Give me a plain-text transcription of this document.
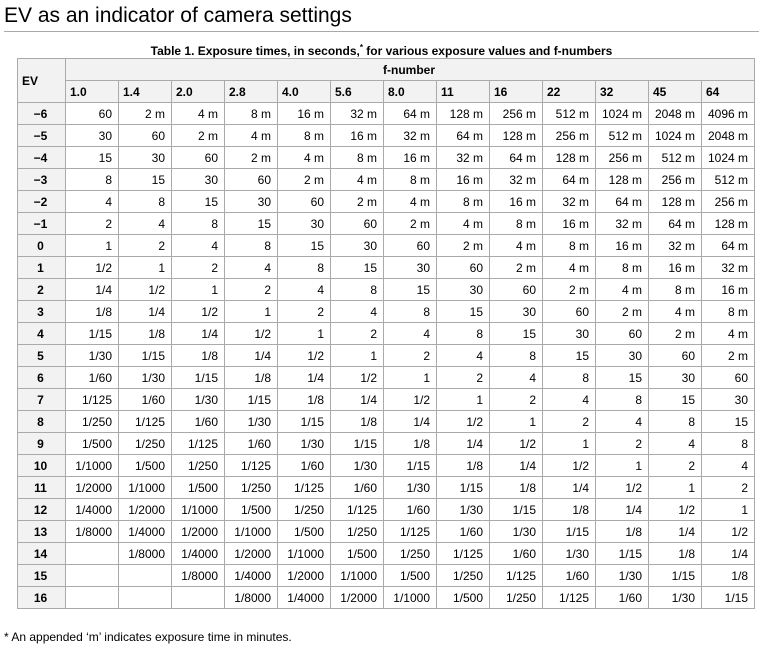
EV as an indicator of camera settings
Table 1. Exposure times, in seconds,* for various exposure values and f-numbers
EV	f-number												
	1.0	1.4	2.0	2.8	4.0	5.6	8.0	11	16	22	32	45	64
−6	60	2 m	4 m	8 m	16 m	32 m	64 m	128 m	256 m	512 m	1024 m	2048 m	4096 m
−5	30	60	2 m	4 m	8 m	16 m	32 m	64 m	128 m	256 m	512 m	1024 m	2048 m
−4	15	30	60	2 m	4 m	8 m	16 m	32 m	64 m	128 m	256 m	512 m	1024 m
−3	8	15	30	60	2 m	4 m	8 m	16 m	32 m	64 m	128 m	256 m	512 m
−2	4	8	15	30	60	2 m	4 m	8 m	16 m	32 m	64 m	128 m	256 m
−1	2	4	8	15	30	60	2 m	4 m	8 m	16 m	32 m	64 m	128 m
0	1	2	4	8	15	30	60	2 m	4 m	8 m	16 m	32 m	64 m
1	1/2	1	2	4	8	15	30	60	2 m	4 m	8 m	16 m	32 m
2	1/4	1/2	1	2	4	8	15	30	60	2 m	4 m	8 m	16 m
3	1/8	1/4	1/2	1	2	4	8	15	30	60	2 m	4 m	8 m
4	1/15	1/8	1/4	1/2	1	2	4	8	15	30	60	2 m	4 m
5	1/30	1/15	1/8	1/4	1/2	1	2	4	8	15	30	60	2 m
6	1/60	1/30	1/15	1/8	1/4	1/2	1	2	4	8	15	30	60
7	1/125	1/60	1/30	1/15	1/8	1/4	1/2	1	2	4	8	15	30
8	1/250	1/125	1/60	1/30	1/15	1/8	1/4	1/2	1	2	4	8	15
9	1/500	1/250	1/125	1/60	1/30	1/15	1/8	1/4	1/2	1	2	4	8
10	1/1000	1/500	1/250	1/125	1/60	1/30	1/15	1/8	1/4	1/2	1	2	4
11	1/2000	1/1000	1/500	1/250	1/125	1/60	1/30	1/15	1/8	1/4	1/2	1	2
12	1/4000	1/2000	1/1000	1/500	1/250	1/125	1/60	1/30	1/15	1/8	1/4	1/2	1
13	1/8000	1/4000	1/2000	1/1000	1/500	1/250	1/125	1/60	1/30	1/15	1/8	1/4	1/2
14		1/8000	1/4000	1/2000	1/1000	1/500	1/250	1/125	1/60	1/30	1/15	1/8	1/4
15			1/8000	1/4000	1/2000	1/1000	1/500	1/250	1/125	1/60	1/30	1/15	1/8
16				1/8000	1/4000	1/2000	1/1000	1/500	1/250	1/125	1/60	1/30	1/15
* An appended ‘m’ indicates exposure time in minutes.
